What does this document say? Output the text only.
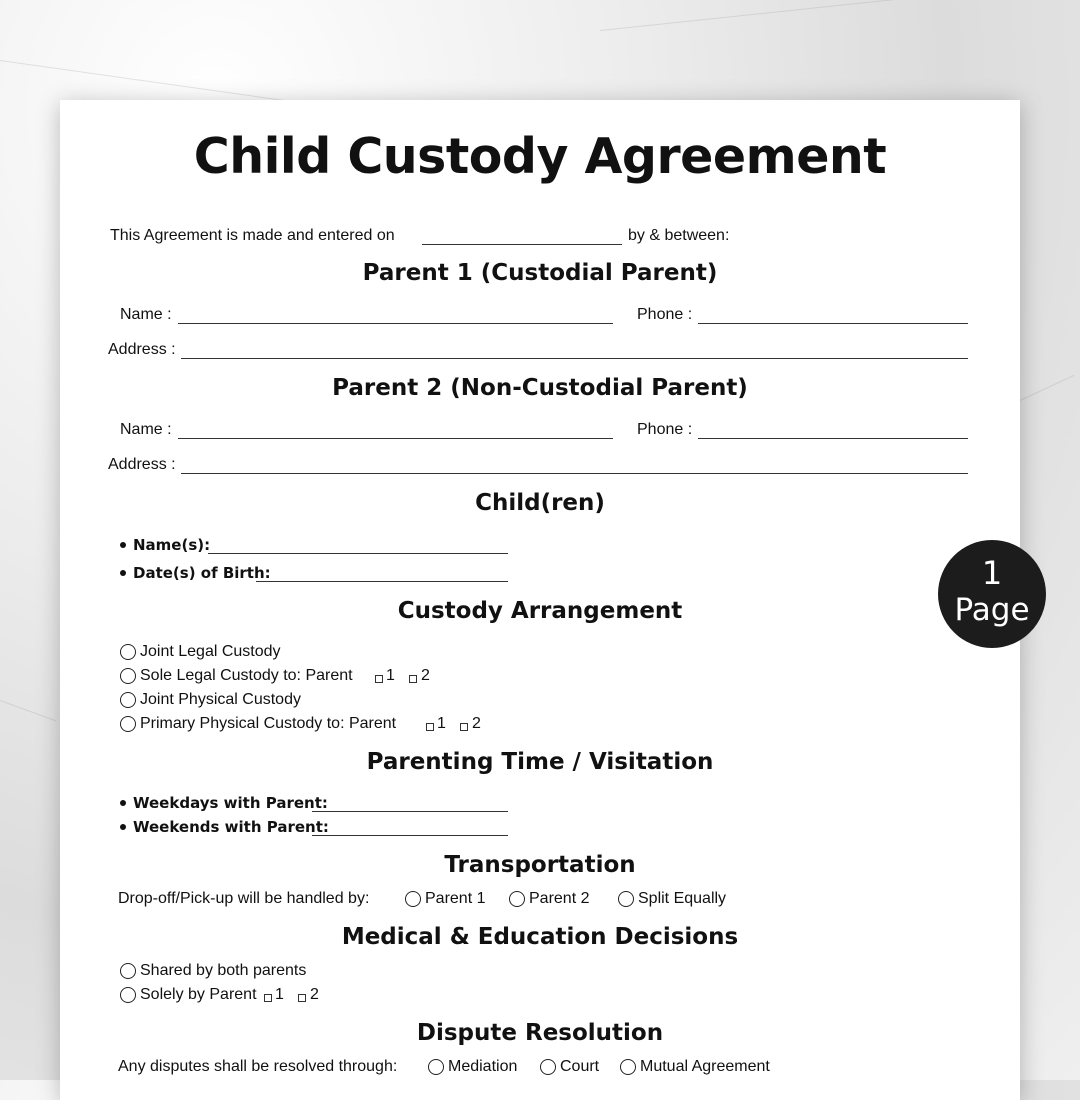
Child Custody Agreement
This Agreement is made and entered on	by & between:
Parent 1 (Custodial Parent)
Name :	Phone :
Address :
Parent 2 (Non-Custodial Parent)
Name :	Phone :
Address :
Child(ren)
Name(s):
Date(s) of Birth:
Custody Arrangement
Joint Legal Custody
Sole Legal Custody to: Parent 1 2
Joint Physical Custody
Primary Physical Custody to: Parent	1 2
Parenting Time / Visitation
Weekdays with Parent:
Weekends with Parent:
Transportation
Drop-off/Pick-up will be handled by:	Parent 1	Parent 2	Split Equally
Medical & Education Decisions
Shared by both parents
Solely by Parent 1 2
Dispute Resolution
Any disputes shall be resolved through:	Mediation	Court	Mutual Agreement
1
Page
